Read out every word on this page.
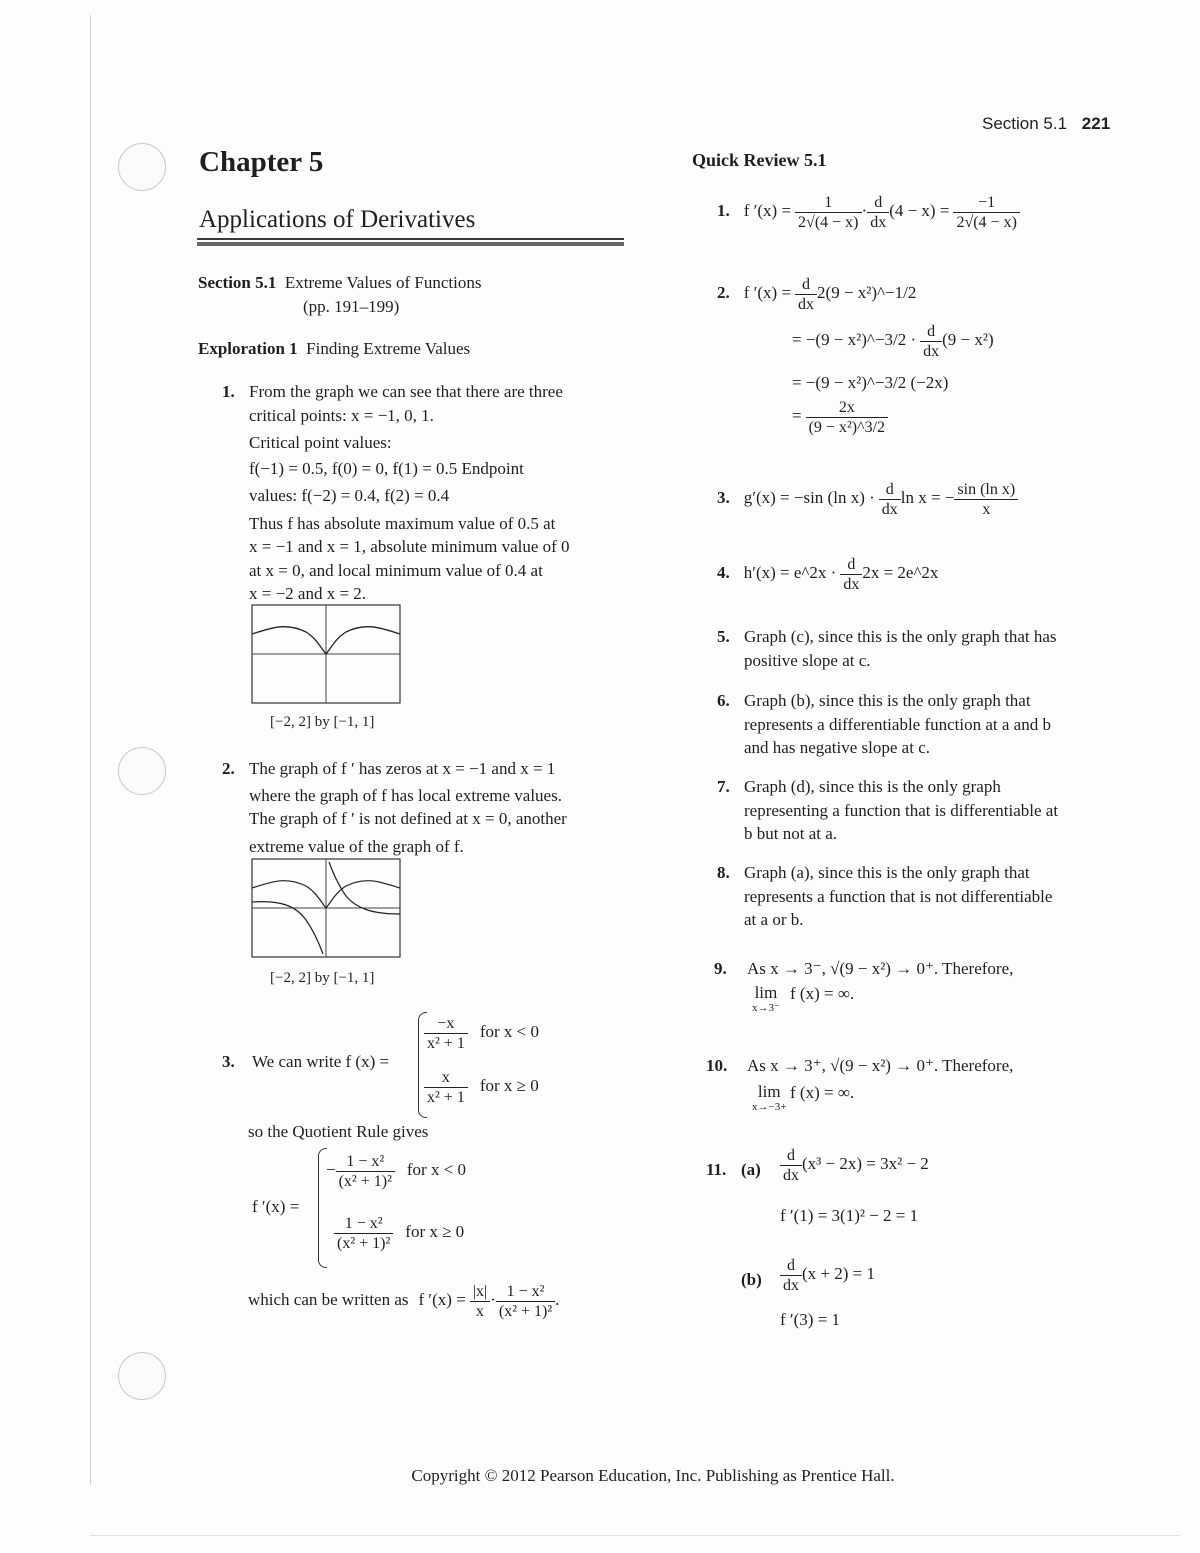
Section 5.1 221
Chapter 5
Applications of Derivatives
Section 5.1 Extreme Values of Functions
(pp. 191–199)
Exploration 1 Finding Extreme Values
1. From the graph we can see that there are three
critical points: x = −1, 0, 1.
Critical point values:
f(−1) = 0.5, f(0) = 0, f(1) = 0.5 Endpoint
values: f(−2) = 0.4, f(2) = 0.4
Thus f has absolute maximum value of 0.5 at
x = −1 and x = 1, absolute minimum value of 0
at x = 0, and local minimum value of 0.4 at
x = −2 and x = 2.
[−2, 2] by [−1, 1]
2. The graph of f ′ has zeros at x = −1 and x = 1
where the graph of f has local extreme values.
The graph of f ′ is not defined at x = 0, another
extreme value of the graph of f.
[−2, 2] by [−1, 1]
3. We can write f (x) =
$\frac{-x}{\text{x² + 1}}$ for x < 0
$\frac{x}{\text{x² + 1}}$ for x ≥ 0
so the Quotient Rule gives
f ′(x) =
− $\frac{\text{1 − x²}}{\text{(x² + 1)²}}$ for x < 0
$\frac{\text{1 − x²}}{\text{(x² + 1)²}}$ for x ≥ 0
which can be written as f $'(x) = \frac{|x|}{x} \cdot \frac{\text{1 − x²}}{\text{(x² + 1)²}}$ .
Quick Review 5.1
1. f $'(x) = \frac{1}{2√(4 - x)} \cdot \frac{d}{dx} (4 - x) = \frac{-1}{2√(4 - x)}$
2. f $'(x) = \frac{d}{dx} 2(9$ − x²)^−1/2
= −(9 − x²)^−3/2 · $\frac{d}{dx} (9 - x^2)$
= −(9 − x²)^−3/2 (−2x)
= $\frac{2x}{\text{(9 − x²)\textasciicircum{}3/2}}$
3. g′(x) = −sin (ln $x) \cdot \frac{d}{dx}$ ln x = − $\frac{\text{sin (ln x)}}{x}$
4. h′(x) = e^2x · $\frac{d}{dx} 2x$ = 2e^2x
5. Graph (c), since this is the only graph that has
positive slope at c.
6. Graph (b), since this is the only graph that
represents a differentiable function at a and b
and has negative slope at c.
7. Graph (d), since this is the only graph
representing a function that is differentiable at
b but not at a.
8. Graph (a), since this is the only graph that
represents a function that is not differentiable
at a or b.
9. As x → 3⁻, √(9 − x²) → 0⁺. Therefore,
lim
x→3⁻
f (x) = ∞.
10. As x → 3⁺, √(9 − x²) → 0⁺. Therefore,
lim
x→−3+
f (x) = ∞.
11. $(a) \frac{d}{dx} (x^3 - 2x) = 3x^2 - 2$
f ′(1) = 3(1)² − 2 = 1
$(b) \frac{d}{dx} (x + 2) = 1$
f ′(3) = 1
Copyright © 2012 Pearson Education, Inc. Publishing as Prentice Hall.
